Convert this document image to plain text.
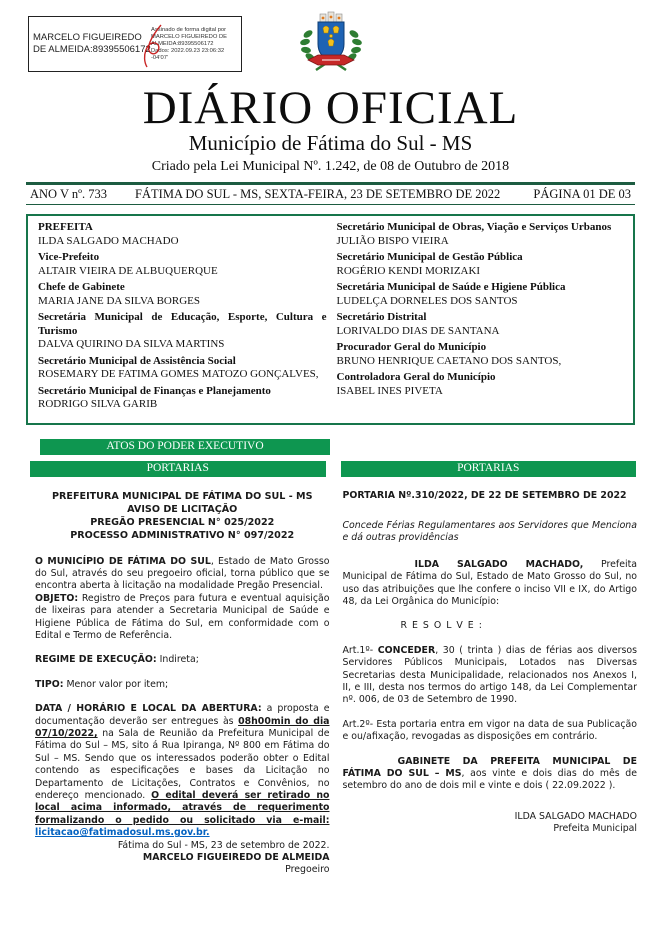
MARCELO FIGUEIREDO DE ALMEIDA:89395506172
Assinado de forma digital por
MARCELO FIGUEIREDO DE
ALMEIDA:89395506172
Dados: 2022.09.23 23:06:32 -04'07'
DIÁRIO OFICIAL
Município de Fátima do Sul - MS
Criado pela Lei Municipal Nº. 1.242, de 08 de Outubro de 2018
ANO V nº. 733	FÁTIMA DO SUL - MS, SEXTA-FEIRA, 23 DE SETEMBRO DE 2022	PÁGINA 01 DE 03
PREFEITA
ILDA SALGADO MACHADO
Vice-Prefeito
ALTAIR VIEIRA DE ALBUQUERQUE
Chefe de Gabinete
MARIA JANE DA SILVA BORGES
Secretária Municipal de Educação, Esporte, Cultura e Turismo
DALVA QUIRINO DA SILVA MARTINS
Secretário Municipal de Assistência Social
ROSEMARY DE FATIMA GOMES MATOZO GONÇALVES,
Secretário Municipal de Finanças e Planejamento
RODRIGO SILVA GARIB
Secretário Municipal de Obras, Viação e Serviços Urbanos
JULIÃO BISPO VIEIRA
Secretário Municipal de Gestão Pública
ROGÉRIO KENDI MORIZAKI
Secretária Municipal de Saúde e Higiene Pública
LUDELÇA DORNELES DOS SANTOS
Secretário Distrital
LORIVALDO DIAS DE SANTANA
Procurador Geral do Município
BRUNO HENRIQUE CAETANO DOS SANTOS,
Controladora Geral do Município
ISABEL INES PIVETA
ATOS DO PODER EXECUTIVO
PORTARIAS	PORTARIAS
PREFEITURA MUNICIPAL DE FÁTIMA DO SUL - MS
AVISO DE LICITAÇÃO
PREGÃO PRESENCIAL N° 025/2022
PROCESSO ADMINISTRATIVO N° 097/2022

O MUNICÍPIO DE FÁTIMA DO SUL, Estado de Mato Grosso do Sul, através do seu pregoeiro oficial, torna público que se encontra aberta à licitação na modalidade Pregão Presencial.

OBJETO: Registro de Preços para futura e eventual aquisição de lixeiras para atender a Secretaria Municipal de Saúde e Higiene Pública de Fátima do Sul, em conformidade com o Edital e Termo de Referência.

REGIME DE EXECUÇÃO: Indireta;

TIPO: Menor valor por item;

DATA / HORÁRIO E LOCAL DA ABERTURA: a proposta e documentação deverão ser entregues às 08h00min do dia 07/10/2022, na Sala de Reunião da Prefeitura Municipal de Fátima do Sul – MS, sito á Rua Ipiranga, Nº 800 em Fátima do Sul – MS. Sendo que os interessados poderão obter o Edital contendo as especificações e bases da Licitação no Departamento de Licitações, Contratos e Convênios, no endereço mencionado. O edital deverá ser retirado no local acima informado, através de requerimento formalizando o pedido ou solicitado via e-mail: licitacao@fatimadosul.ms.gov.br.

Fátima do Sul - MS, 23 de setembro de 2022.
MARCELO FIGUEIREDO DE ALMEIDA
Pregoeiro
PORTARIA Nº.310/2022, DE 22 DE SETEMBRO DE 2022
Concede Férias Regulamentares aos Servidores que Menciona e dá outras providências

ILDA SALGADO MACHADO, Prefeita Municipal de Fátima do Sul, Estado de Mato Grosso do Sul, no uso das atribuições que lhe confere o inciso VII e IX, do Artigo 48, da Lei Orgânica do Município:

R E S O L V E :

Art.1º- CONCEDER, 30 ( trinta ) dias de férias aos diversos Servidores Públicos Municipais, Lotados nas Diversas Secretarias desta Municipalidade, relacionados nos Anexos I, II, e III, desta nos termos do artigo 148, da Lei Complementar nº. 006, de 03 de Setembro de 1990.

Art.2º- Esta portaria entra em vigor na data de sua Publicação e ou/afixação, revogadas as disposições em contrário.

GABINETE DA PREFEITA MUNICIPAL DE FÁTIMA DO SUL – MS, aos vinte e dois dias do mês de setembro do ano de dois mil e vinte e dois ( 22.09.2022 ).

ILDA SALGADO MACHADO
Prefeita Municipal
